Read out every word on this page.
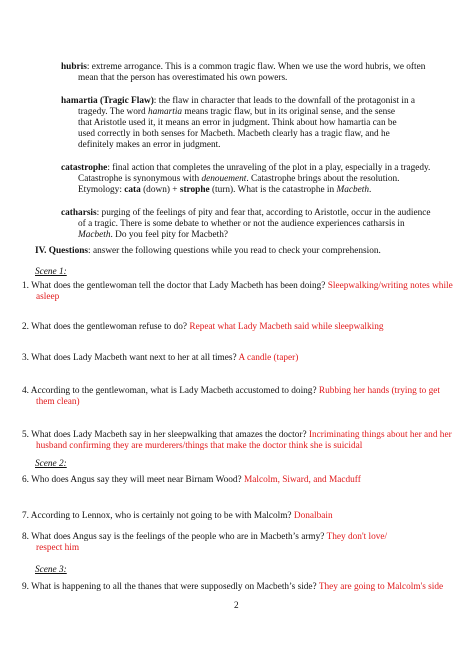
hubris: extreme arrogance. This is a common tragic flaw. When we use the word hubris, we often
mean that the person has overestimated his own powers.
hamartia (Tragic Flaw): the flaw in character that leads to the downfall of the protagonist in a
tragedy. The word hamartia means tragic flaw, but in its original sense, and the sense
that Aristotle used it, it means an error in judgment. Think about how hamartia can be
used correctly in both senses for Macbeth. Macbeth clearly has a tragic flaw, and he
definitely makes an error in judgment.
catastrophe: final action that completes the unraveling of the plot in a play, especially in a tragedy.
Catastrophe is synonymous with denouement. Catastrophe brings about the resolution.
Etymology: cata (down) + strophe (turn). What is the catastrophe in Macbeth.
catharsis: purging of the feelings of pity and fear that, according to Aristotle, occur in the audience
of a tragic. There is some debate to whether or not the audience experiences catharsis in
Macbeth. Do you feel pity for Macbeth?
IV. Questions: answer the following questions while you read to check your comprehension.
Scene 1:
1. What does the gentlewoman tell the doctor that Lady Macbeth has been doing? Sleepwalking/writing notes while
asleep
2. What does the gentlewoman refuse to do? Repeat what Lady Macbeth said while sleepwalking
3. What does Lady Macbeth want next to her at all times? A candle (taper)
4. According to the gentlewoman, what is Lady Macbeth accustomed to doing? Rubbing her hands (trying to get
them clean)
5. What does Lady Macbeth say in her sleepwalking that amazes the doctor? Incriminating things about her and her
husband confirming they are murderers/things that make the doctor think she is suicidal
Scene 2:
6. Who does Angus say they will meet near Birnam Wood? Malcolm, Siward, and Macduff
7. According to Lennox, who is certainly not going to be with Malcolm? Donalbain
8. What does Angus say is the feelings of the people who are in Macbeth’s army? They don't love/
respect him
Scene 3:
9. What is happening to all the thanes that were supposedly on Macbeth’s side? They are going to Malcolm's side
2
